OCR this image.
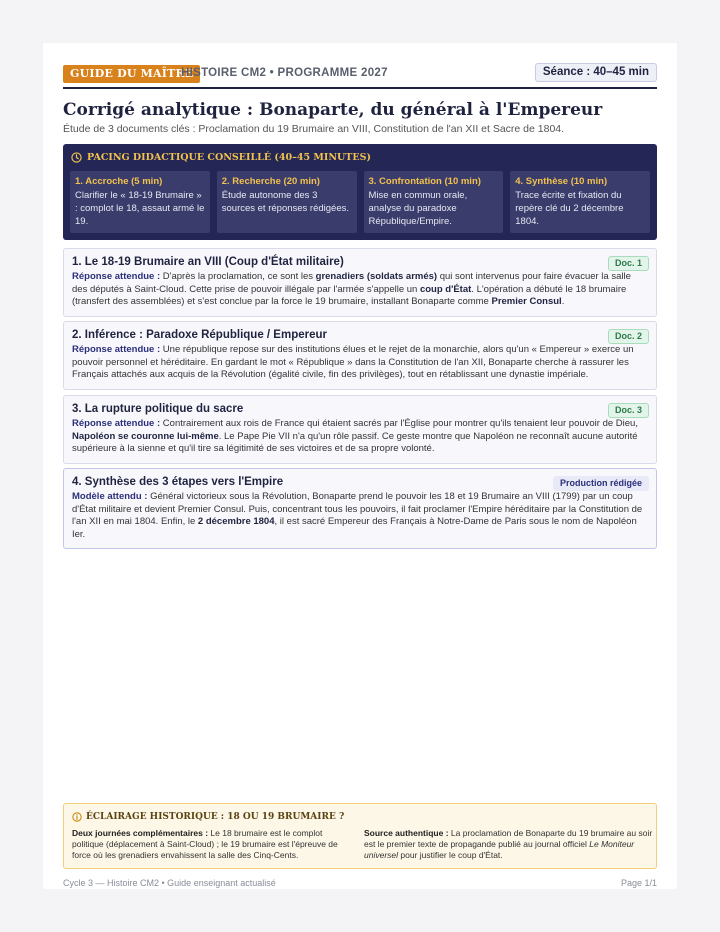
GUIDE DU MAÎTRE
HISTOIRE CM2 • PROGRAMME 2027	Séance : 40–45 min
Corrigé analytique : Bonaparte, du général à l'Empereur

Étude de 3 documents clés : Proclamation du 19 Brumaire an VIII, Constitution de l'an XII et Sacre de 1804.

PACING DIDACTIQUE CONSEILLÉ (40–45 MINUTES)
1. Accroche (5 min)
Clarifier le « 18-19 Brumaire » : complot le 18, assaut armé le 19.
2. Recherche (20 min)
Étude autonome des 3 sources et réponses rédigées.
3. Confrontation (10 min)
Mise en commun orale, analyse du paradoxe République/Empire.
4. Synthèse (10 min)
Trace écrite et fixation du repère clé du 2 décembre 1804.
1. Le 18-19 Brumaire an VIII (Coup d'État militaire)	Doc. 1
Réponse attendue : D'après la proclamation, ce sont les grenadiers (soldats armés) qui sont intervenus pour faire évacuer la salle des députés à Saint-Cloud. Cette prise de pouvoir illégale par l'armée s'appelle un coup d'État. L'opération a débuté le 18 brumaire (transfert des assemblées) et s'est conclue par la force le 19 brumaire, installant Bonaparte comme Premier Consul.
2. Inférence : Paradoxe République / Empereur	Doc. 2
Réponse attendue : Une république repose sur des institutions élues et le rejet de la monarchie, alors qu'un « Empereur » exerce un pouvoir personnel et héréditaire. En gardant le mot « République » dans la Constitution de l'an XII, Bonaparte cherche à rassurer les Français attachés aux acquis de la Révolution (égalité civile, fin des privilèges), tout en rétablissant une dynastie impériale.
3. La rupture politique du sacre	Doc. 3
Réponse attendue : Contrairement aux rois de France qui étaient sacrés par l'Église pour montrer qu'ils tenaient leur pouvoir de Dieu, Napoléon se couronne lui-même. Le Pape Pie VII n'a qu'un rôle passif. Ce geste montre que Napoléon ne reconnaît aucune autorité supérieure à la sienne et qu'il tire sa légitimité de ses victoires et de sa propre volonté.
4. Synthèse des 3 étapes vers l'Empire	Production rédigée
Modèle attendu : Général victorieux sous la Révolution, Bonaparte prend le pouvoir les 18 et 19 Brumaire an VIII (1799) par un coup d'État militaire et devient Premier Consul. Puis, concentrant tous les pouvoirs, il fait proclamer l'Empire héréditaire par la Constitution de l'an XII en mai 1804. Enfin, le 2 décembre 1804, il est sacré Empereur des Français à Notre-Dame de Paris sous le nom de Napoléon Ier.
ÉCLAIRAGE HISTORIQUE : 18 OU 19 BRUMAIRE ?
Deux journées complémentaires : Le 18 brumaire est le complot politique (déplacement à Saint-Cloud) ; le 19 brumaire est l'épreuve de force où les grenadiers envahissent la salle des Cinq-Cents.
Source authentique : La proclamation de Bonaparte du 19 brumaire au soir est le premier texte de propagande publié au journal officiel Le Moniteur universel pour justifier le coup d'État.
Cycle 3 — Histoire CM2 • Guide enseignant actualisé	Page 1/1
